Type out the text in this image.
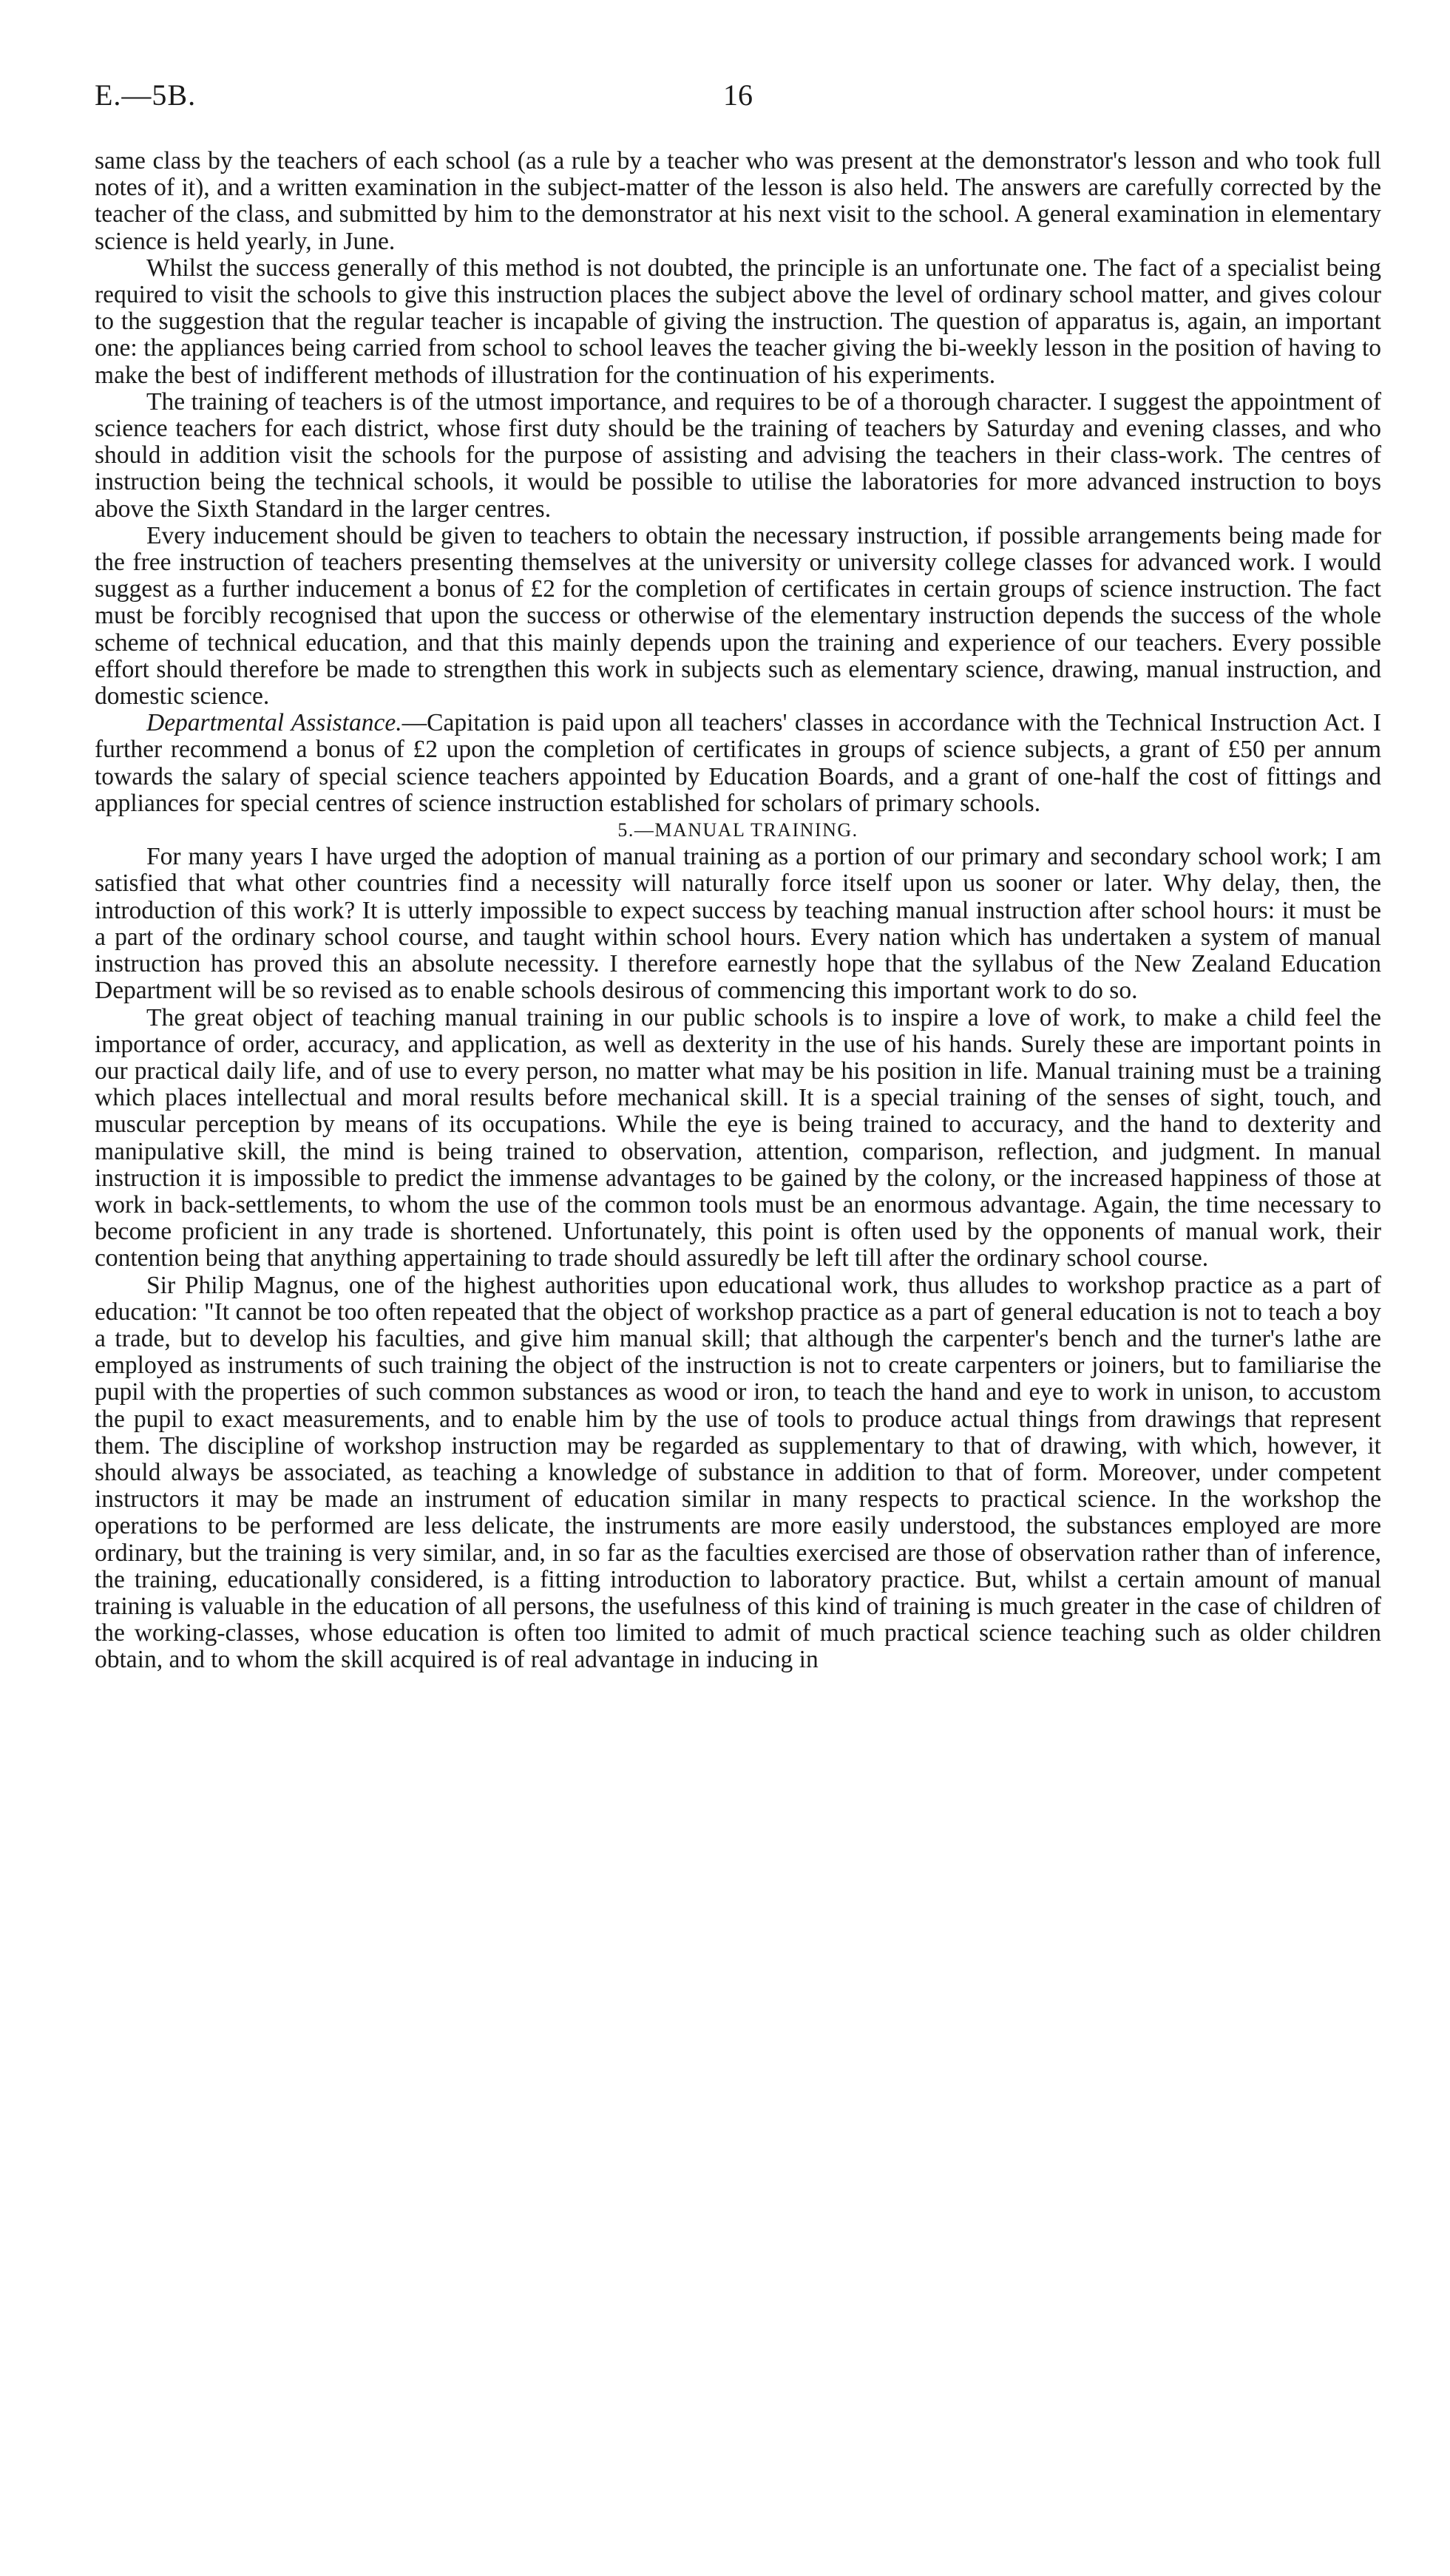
E.—5B.	16

same class by the teachers of each school (as a rule by a teacher who was present at the demonstrator's lesson and who took full notes of it), and a written examination in the subject-matter of the lesson is also held. The answers are carefully corrected by the teacher of the class, and submitted by him to the demonstrator at his next visit to the school. A general examination in elementary science is held yearly, in June.

Whilst the success generally of this method is not doubted, the principle is an unfortunate one. The fact of a specialist being required to visit the schools to give this instruction places the subject above the level of ordinary school matter, and gives colour to the suggestion that the regular teacher is incapable of giving the instruction. The question of apparatus is, again, an important one: the appliances being carried from school to school leaves the teacher giving the bi-weekly lesson in the position of having to make the best of indifferent methods of illustration for the continuation of his experiments.

The training of teachers is of the utmost importance, and requires to be of a thorough character. I suggest the appointment of science teachers for each district, whose first duty should be the training of teachers by Saturday and evening classes, and who should in addition visit the schools for the purpose of assisting and advising the teachers in their class-work. The centres of instruction being the technical schools, it would be possible to utilise the laboratories for more advanced instruction to boys above the Sixth Standard in the larger centres.

Every inducement should be given to teachers to obtain the necessary instruction, if possible arrangements being made for the free instruction of teachers presenting themselves at the university or university college classes for advanced work. I would suggest as a further inducement a bonus of £2 for the completion of certificates in certain groups of science instruction. The fact must be forcibly recognised that upon the success or otherwise of the elementary instruction depends the success of the whole scheme of technical education, and that this mainly depends upon the training and experience of our teachers. Every possible effort should therefore be made to strengthen this work in subjects such as elementary science, drawing, manual instruction, and domestic science.

Departmental Assistance.—Capitation is paid upon all teachers' classes in accordance with the Technical Instruction Act. I further recommend a bonus of £2 upon the completion of certificates in groups of science subjects, a grant of £50 per annum towards the salary of special science teachers appointed by Education Boards, and a grant of one-half the cost of fittings and appliances for special centres of science instruction established for scholars of primary schools.

5.—MANUAL TRAINING.

For many years I have urged the adoption of manual training as a portion of our primary and secondary school work; I am satisfied that what other countries find a necessity will naturally force itself upon us sooner or later. Why delay, then, the introduction of this work? It is utterly impossible to expect success by teaching manual instruction after school hours: it must be a part of the ordinary school course, and taught within school hours. Every nation which has undertaken a system of manual instruction has proved this an absolute necessity. I therefore earnestly hope that the syllabus of the New Zealand Education Department will be so revised as to enable schools desirous of commencing this important work to do so.

The great object of teaching manual training in our public schools is to inspire a love of work, to make a child feel the importance of order, accuracy, and application, as well as dexterity in the use of his hands. Surely these are important points in our practical daily life, and of use to every person, no matter what may be his position in life. Manual training must be a training which places intellectual and moral results before mechanical skill. It is a special training of the senses of sight, touch, and muscular perception by means of its occupations. While the eye is being trained to accuracy, and the hand to dexterity and manipulative skill, the mind is being trained to observation, attention, comparison, reflection, and judgment. In manual instruction it is impossible to predict the immense advantages to be gained by the colony, or the increased happiness of those at work in back-settlements, to whom the use of the common tools must be an enormous advantage. Again, the time necessary to become proficient in any trade is shortened. Unfortunately, this point is often used by the opponents of manual work, their contention being that anything appertaining to trade should assuredly be left till after the ordinary school course.

Sir Philip Magnus, one of the highest authorities upon educational work, thus alludes to workshop practice as a part of education: "It cannot be too often repeated that the object of workshop practice as a part of general education is not to teach a boy a trade, but to develop his faculties, and give him manual skill; that although the carpenter's bench and the turner's lathe are employed as instruments of such training the object of the instruction is not to create carpenters or joiners, but to familiarise the pupil with the properties of such common substances as wood or iron, to teach the hand and eye to work in unison, to accustom the pupil to exact measurements, and to enable him by the use of tools to produce actual things from drawings that represent them. The discipline of workshop instruction may be regarded as supplementary to that of drawing, with which, however, it should always be associated, as teaching a knowledge of substance in addition to that of form. Moreover, under competent instructors it may be made an instrument of education similar in many respects to practical science. In the workshop the operations to be performed are less delicate, the instruments are more easily understood, the substances employed are more ordinary, but the training is very similar, and, in so far as the faculties exercised are those of observation rather than of inference, the training, educationally considered, is a fitting introduction to laboratory practice. But, whilst a certain amount of manual training is valuable in the education of all persons, the usefulness of this kind of training is much greater in the case of children of the working-classes, whose education is often too limited to admit of much practical science teaching such as older children obtain, and to whom the skill acquired is of real advantage in inducing in
